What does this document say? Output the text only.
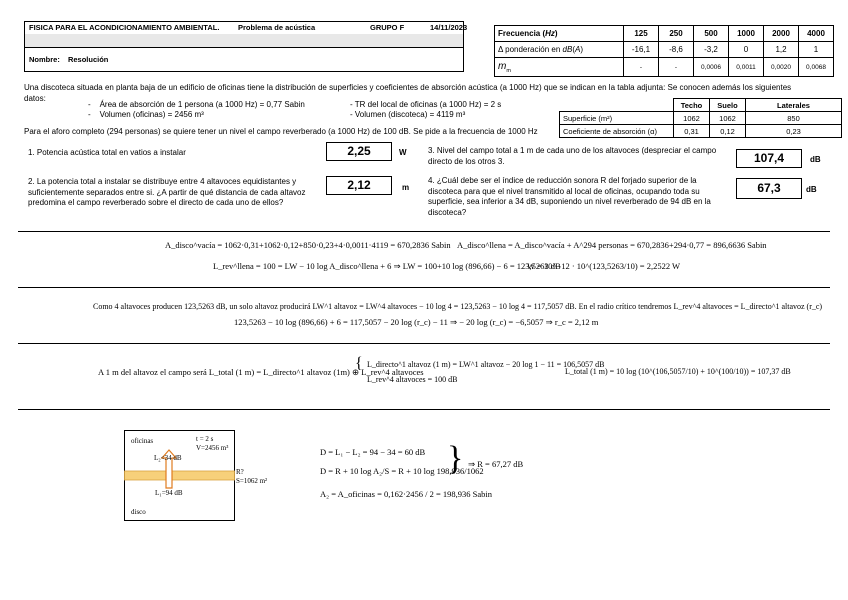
FISICA PARA EL ACONDICIONAMIENTO AMBIENTAL. Problema de acústica	GRUPO F	14/11/2023
Nombre: Resolución
Frecuencia (Hz)	125	250	500	1000	2000	4000
Δ ponderación en dB(A)	-16,1	-8,6	-3,2	0	1,2	1
$m_m$	-	-	0,0006	0,0011	0,0020	0,0068
Una discoteca situada en planta baja de un edificio de oficinas tiene la distribución de superficies y coeficientes de absorción acústica (a 1000 Hz) que se indican en la tabla adjunta: Se conocen además los siguientes datos:
-    Área de absorción de 1 persona (a 1000 Hz) = 0,77 Sabin
-    Volumen (oficinas) = 2456 m³
- TR del local de oficinas (a 1000 Hz) = 2 s
- Volumen (discoteca) = 4119 m³
Para el aforo completo (294 personas) se quiere tener un nivel el campo reverberado (a 1000 Hz) de 100 dB. Se pide a la frecuencia de 1000 Hz
	Techo	Suelo	Laterales
Superficie (m²)	1062	1062	850
Coeficiente de absorción (α)	0,31	0,12	0,23
1. Potencia acústica total en vatios a instalar	2,25	W
2. La potencia total a instalar se distribuye entre 4 altavoces equidistantes y suficientemente separados entre si. ¿A partir de qué distancia de cada altavoz predomina el campo reverberado sobre el directo de cada uno de ellos?
2,12	m
3. Nivel del campo total a 1 m de cada uno de los altavoces (despreciar el campo directo de los otros 3.	107,4	dB
4. ¿Cuál debe ser el índice de reducción sonora R del forjado superior de la discoteca para que el nivel transmitido al local de oficinas, ocupando toda su superficie, sea inferior a 34 dB, suponiendo un nivel reverberado de 94 dB en la discoteca?
67,3	dB
A_disco^vacía = 1062·0,31+1062·0,12+850·0,23+4·0,0011·4119 = 670,2836 Sabin A_disco^llena = A_disco^vacía + A^294 personas = 670,2836+294·0,77 = 896,6636 Sabin
L_rev^llena = 100 = LW − 10 log A_disco^llena + 6 ⇒ LW = 100+10 log (896,66) − 6 = 123,5263 dB
W = 10^−12 · 10^(123,5263/10) = 2,2522 W
Como 4 altavoces producen 123,5263 dB, un solo altavoz producirá LW^1 altavoz = LW^4 altavoces − 10 log 4 = 123,5263 − 10 log 4 = 117,5057 dB. En el radio crítico tendremos L_rev^4 altavoces = L_directo^1 altavoz (r_c)
123,5263 − 10 log (896,66) + 6 = 117,5057 − 20 log (r_c) − 11 ⇒ − 20 log (r_c) = −6,5057 ⇒ r_c = 2,12 m
A 1 m del altavoz el campo será L_total (1 m) = L_directo^1 altavoz (1m) ⊕ L_rev^4 altavoces
{ L_directo^1 altavoz (1 m) = LW^1 altavoz − 20 log 1 − 11 = 106,5057 dB
L_rev^4 altavoces = 100 dB
L_total (1 m) = 10 log (10^(106,5057/10) + 10^(100/10)) = 107,37 dB
oficinas	t = 2 s
V=2456 m³
L₂<34 dB
R?
S=1062 m²
L₁=94 dB
disco
D = L₁ − L₂ = 94 − 34 = 60 dB
D = R + 10 log A₂/S = R + 10 log 198,936/1062
} ⇒ R = 67,27 dB
A₂ = A_oficinas = 0,162·2456 / 2 = 198,936 Sabin
